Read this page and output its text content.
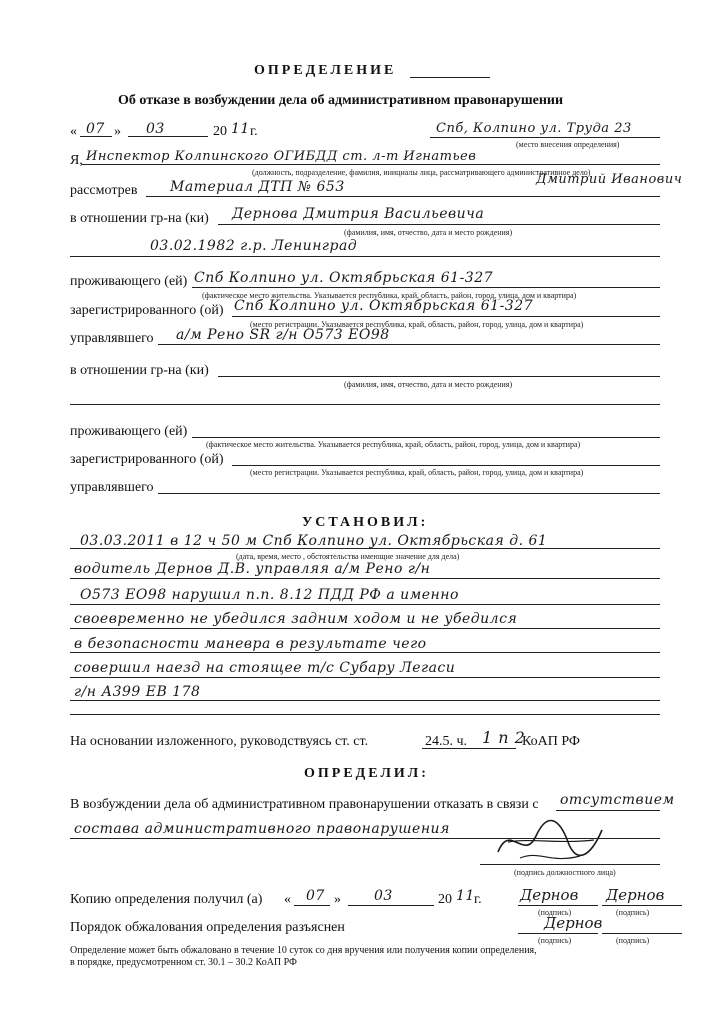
ОПРЕДЕЛЕНИЕ
Об отказе в возбуждении дела об административном правонарушении
« 07 » 03	20 11 г.	Спб, Колпино ул. Труда 23
(место внесения определения)
Я, Инспектор Колпинского ОГИБДД ст. л-т Игнатьев
(должность, подразделение, фамилия, инициалы лица, рассматривающего административное дело)
Дмитрий Иванович
рассмотрев Материал ДТП № 653
в отношении гр-на (ки) Дернова Дмитрия Васильевича
(фамилия, имя, отчество, дата и место рождения)
03.02.1982 г.р. Ленинград
проживающего (ей) Спб Колпино ул. Октябрьская 61-327
(фактическое место жительства. Указывается республика, край, область, район, город, улица, дом и квартира)
зарегистрированного (ой) Спб Колпино ул. Октябрьская 61-327
(место регистрации. Указывается республика, край, область, район, город, улица, дом и квартира)
управлявшего а/м Рено SR г/н О573 ЕО98
в отношении гр-на (ки)
(фамилия, имя, отчество, дата и место рождения)
проживающего (ей)
(фактическое место жительства. Указывается республика, край, область, район, город, улица, дом и квартира)
зарегистрированного (ой)
(место регистрации. Указывается республика, край, область, район, город, улица, дом и квартира)
управлявшего
УСТАНОВИЛ:
03.03.2011 в 12 ч 50 м Спб Колпино ул. Октябрьская д. 61
(дата, время, место , обстоятельства имеющие значение для дела)
водитель Дернов Д.В. управляя а/м Рено г/н
О573 ЕО98 нарушил п.п. 8.12 ПДД РФ а именно
своевременно не убедился задним ходом и не убедился
в безопасности маневра в результате чего
совершил наезд на стоящее т/с Субару Легаси
г/н А399 ЕВ 178
На основании изложенного, руководствуясь ст. ст.	24.5. ч. 1 п 2
КоАП РФ
ОПРЕДЕЛИЛ:
В возбуждении дела об административном правонарушении отказать в связи с отсутствием
состава административного правонарушения
(подпись должностного лица)
Копию определения получил (а) « 07 » 03	20 11 г.	Дернов Дернов
(подпись)	(подпись)
Порядок обжалования определения разъяснен	Дернов
(подпись)	(подпись)
Определение может быть обжаловано в течение 10 суток со дня вручения или получения копии определения,
в порядке, предусмотренном ст. 30.1 – 30.2 КоАП РФ
